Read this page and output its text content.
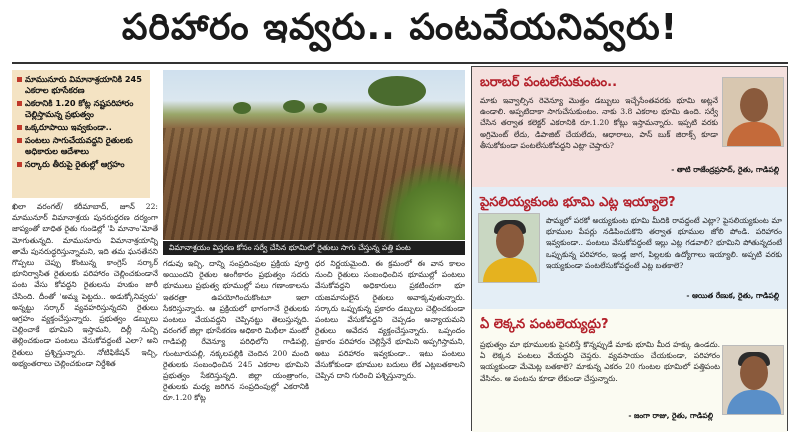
పరిహారం ఇవ్వరు.. పంటవేయనివ్వరు!
మామునూరు విమానాశ్రయానికి 245 ఎకరాల భూసేకరణ
ఎకరానికి 1.20 కోట్ల నష్టపరిహారం చెల్లిస్తామన్న ప్రభుత్వం
ఒక్కరూపాయి ఇవ్వకుండా..
పంటలు సాగుచేయవద్దని రైతులకు అధికారుల ఆదేశాలు
సర్కారు తీరుపై రైతుల్లో ఆగ్రహం
విమానాశ్రయం విస్తరణ కోసం సర్వే చేసిన భూమిలో రైతులు సాగు చేస్తున్న పత్తి పంట
ఖిలా వరంగల్/ కరీమాబాద్, జూన్ 22: మామునూర్ విమానాశ్రయ పునరుద్ధరణ దర్యంగా జాప్యంతో బాధిత రైతు గుండెల్లో 'పి మానాం'మోతే మోగుతున్నది. మామునూరు విమానాశ్రయాన్ని తామే పునరుద్ధరిస్తున్నామని, ఇది తమ ఘనతేనని గొప్పలు చెప్పు కొంటున్న కాంగ్రెస్ సర్కార్ భూనిర్వాసిత రైతులకు పరిహారం చెల్లించకుండానే పంట వేసు కోవద్దని రైతులను హుకుం జారీ చేసింది. దీంతో 'అమ్మ పెట్టదు.. అడుక్కోనివ్వదు' అన్నట్టు సర్కార్ వ్యవహరిస్తున్నదని రైతులు ఆగ్రహం వ్యక్తంచేస్తున్నారు. ప్రభుత్వం డబ్బులు చెల్లించాకే భూమిని ఇస్తామని, దిల్లీ నుచ్చి తెల్లించకుండా పంటలు వేసుకోవద్దంటే ఎలా? అని రైతులు ప్రశ్నిస్తున్నారు. నోటిఫికేషన్ ఇచ్చి, అభ్యంతరాలు చెల్లించకుండా నిర్దేశిత
గడువు ఇచ్చి, దాన్ని సంప్రదింపుల ప్రక్రియ పూర్తి అయిందని రైతుల అంగీకారం ప్రభుత్వం సదరు భూములు ప్రభుత్వ భూముల్లో పలు గణాంకాలను ఇతరత్రా ఉపయోగించుకొంటూ ఇలా సేకరిస్తున్నారు. ఆ ప్రక్రియలో భాగంగానే రైతులకు పంటలు వేయవద్దని చెప్పినట్టు తెలుస్తున్నది. వరంగల్ జిల్లా భూసేకరణ అధికారి మిథీలా మంటో గాడిపల్లి రేవెన్యూ పరిధిలోని గాడిపల్లి, గుంటూరుపల్లి, నక్కలపల్లికి చెందిన 200 మంది రైతులకు సంబంధించిన 245 ఎకరాల భూమిని ప్రభుత్వం సేకరిస్తున్నది. జిల్లా యంత్రాంగం, రైతులకు మధ్య జరిగిన సంప్రదింపుల్లో ఎకరానికి రూ.1.20 కోట్ల
ధర నిర్ణయమైంది. ఈ క్రమంలో ఈ వాన కాలం నుంచి రైతులు సంబంధించిన భూముల్లో పంటలు వేసుకోవద్దని అధికారులు ప్రకటించగా భూ యజమానులైన రైతులు అవాక్కవుతున్నారు. సర్కారు ఒప్పుకున్న ప్రకారం డబ్బులు చెల్లించకుండా పంటలు వేసుకోవద్దని చెప్పడం అన్యాయమని రైతులు ఆవేదన వ్యక్తంచేస్తున్నారు. ఒప్పందం ప్రకారం పరిహారం చెల్లిస్తేనే భూమిని అప్పగిస్తామని, అటు పరిహారం ఇవ్వకుండా.. ఇటు పంటలు వేసుకోకుండా భూముల బదులు లేక ఎట్లబతకాలని చెప్పిన దాని గురించి పశ్నిస్తున్నారు.
బరాబర్ పంటలేసుకుంటం..
మాకు ఇవ్వాల్సిన రెవెన్యూ మొత్తం డబ్బులు ఇచ్చేసేంతవరకు భూమి అట్లనే ఉండాలి. అప్పటిదాకా సాగుచేసుకుంటం. నాకు 3.8 ఎకరాల భూమి ఉంది. సర్వే చేసిన తర్వాత కలెక్టర్ ఎకరానికి రూ.1.20 కోట్లు ఇస్తామన్నారు. ఇప్పటి వరకు అగ్రిమెంట్ లేదు, డిపాజిట్ చేయలేదు, ఆధారాలు, పాస్ బుక్ జిరాక్స్ కూడా తీసుకోకుండా పంటలేసుకోవద్దని ఎట్లా చెప్తారు?
- తాటి రాజేంద్రప్రసాద్, రైతు, గాడిపల్లి
పైసలియ్యకుంట భూమి ఎట్ల ఇయ్యాలె?
పొమ్మలో పరకో అయ్యకుంట భూమి మీదికి రావద్దంటే ఎట్లా? పైసలియ్యకుంట మా భూముల పేపర్లు నడిపించుకొని తర్వాత భూముల జోలి పోండి. పరిహారం ఇవ్వకుండా.. పంటలు వేసుకోవద్దంటే ఇల్లు ఎట్ల గడవాలి? భూమిని పోతున్నదంటే ఒప్పుకున్న పరిహారం, ఇండ్ల జాగ, పిల్లలకు ఉద్యోగాలు ఇయ్యాలి. అప్పటి వరకు ఇయ్యకుండా పంటలేసుకోవద్దంటే ఎట్ల బతకాలె?
- ఆయిత రేణుక, రైతు, గాడిపల్లి
ఏ లెక్కన పంటలెయ్యద్దు?
ప్రభుత్వం మా భూములకు పైసలిస్తే కొన్నప్పుడే మాకు భూమి మీద హక్కు ఉండదు. ఏ లెక్కన పంటలు వేయద్దని చెప్తరు. వ్యవసాయం చేయకుండా, పరిహారం ఇయ్యకుండా మేమెట్ల బతకాలె? మాకున్న ఎకరం 20 గుంటల భూమిలో పత్తిపంట వేసినం. ఆ పంటను కూడా లేకుండా చేస్తున్నారు.
- జంగా రాజు, రైతు, గాడిపల్లి
